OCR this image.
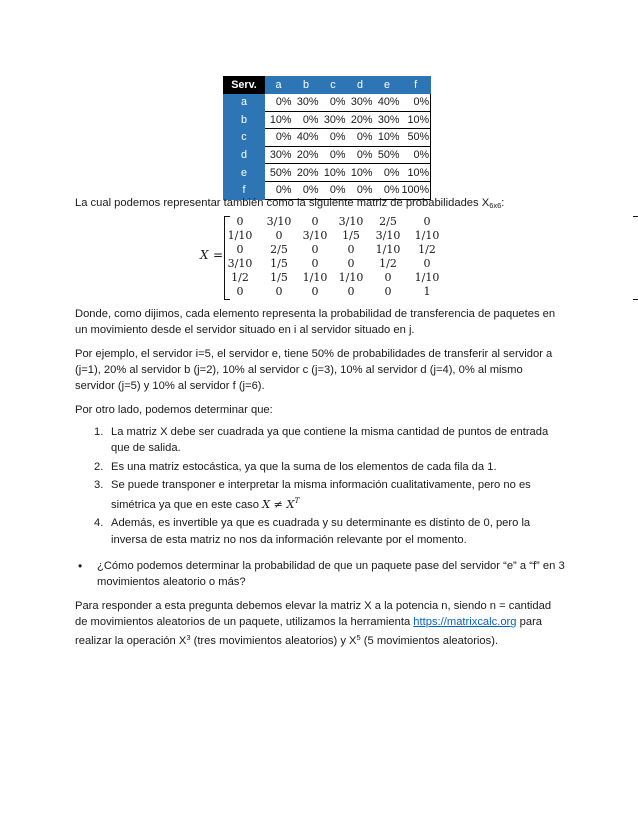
Serv.	a	b	c	d	e	f
a	0%	30%	0%	30%	40%	0%
b	10%	0%	30%	20%	30%	10%
c	0%	40%	0%	0%	10%	50%
d	30%	20%	0%	0%	50%	0%
e	50%	20%	10%	10%	0%	10%
f	0%	0%	0%	0%	0%	100%

La cual podemos representar también como la siguiente matriz de probabilidades $X_{6x6}$:

X =
0	3/10	0	3/10	2/5	0
1/10	0	3/10	1/5	3/10	1/10
0	2/5	0	0	1/10	1/2
3/10	1/5	0	0	1/2	0
1/2	1/5	1/10	1/10	0	1/10
0	0	0	0	0	1

Donde, como dijimos, cada elemento representa la probabilidad de transferencia de paquetes en un movimiento desde el servidor situado en i al servidor situado en j.

Por ejemplo, el servidor i=5, el servidor e, tiene 50% de probabilidades de transferir al servidor a (j=1), 20% al servidor b (j=2), 10% al servidor c (j=3), 10% al servidor d (j=4), 0% al mismo servidor (j=5) y 10% al servidor f (j=6).

Por otro lado, podemos determinar que:

1. La matriz X debe ser cuadrada ya que contiene la misma cantidad de puntos de entrada que de salida.
2. Es una matriz estocástica, ya que la suma de los elementos de cada fila da 1.
3. Se puede transponer e interpretar la misma información cualitativamente, pero no es simétrica ya que en este caso $X \ne X^T$
4. Además, es invertible ya que es cuadrada y su determinante es distinto de 0, pero la inversa de esta matriz no nos da información relevante por el momento.
•	¿Cómo podemos determinar la probabilidad de que un paquete pase del servidor “e” a “f” en 3 movimientos aleatorio o más?

Para responder a esta pregunta debemos elevar la matriz X a la potencia n, siendo n = cantidad de movimientos aleatorios de un paquete, utilizamos la herramienta https://matrixcalc.org para realizar la operación $X^3$ (tres movimientos aleatorios) y $X^5$ (5 movimientos aleatorios).
